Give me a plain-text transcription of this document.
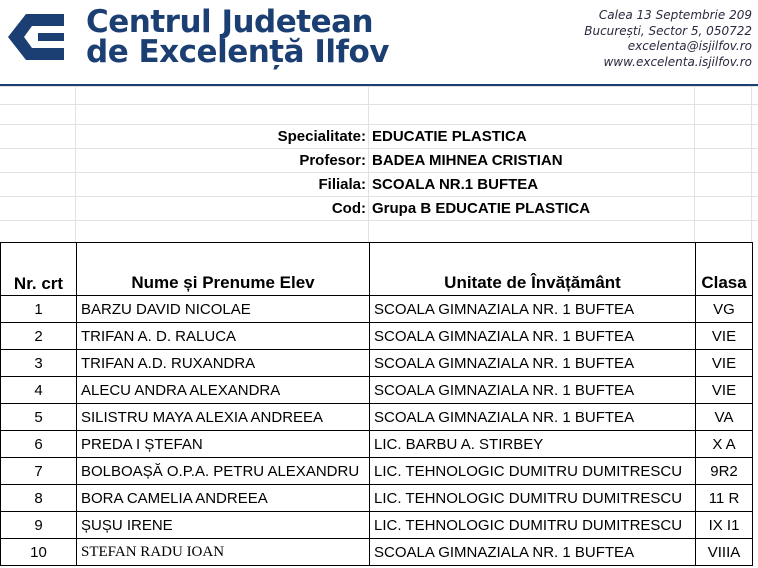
Centrul Judetean
de Excelență Ilfov
Calea 13 Septembrie 209
București, Sector 5, 050722
excelenta@isjilfov.ro
www.excelenta.isjilfov.ro
Specialitate: EDUCATIE PLASTICA
Profesor: BADEA MIHNEA CRISTIAN
Filiala: SCOALA NR.1 BUFTEA
Cod: Grupa B EDUCATIE PLASTICA
Nr. crt	Nume și Prenume Elev	Unitate de Învățământ	Clasa
1	BARZU DAVID NICOLAE	SCOALA GIMNAZIALA NR. 1 BUFTEA	VG
2	TRIFAN A. D. RALUCA	SCOALA GIMNAZIALA NR. 1 BUFTEA	VIE
3	TRIFAN A.D. RUXANDRA	SCOALA GIMNAZIALA NR. 1 BUFTEA	VIE
4	ALECU ANDRA ALEXANDRA	SCOALA GIMNAZIALA NR. 1 BUFTEA	VIE
5	SILISTRU MAYA ALEXIA ANDREEA	SCOALA GIMNAZIALA NR. 1 BUFTEA	VA
6	PREDA I ȘTEFAN	LIC. BARBU A. STIRBEY	X A
7	BOLBOAȘĂ O.P.A. PETRU ALEXANDRU	LIC. TEHNOLOGIC DUMITRU DUMITRESCU	9R2
8	BORA CAMELIA ANDREEA	LIC. TEHNOLOGIC DUMITRU DUMITRESCU	11 R
9	ȘUȘU IRENE	LIC. TEHNOLOGIC DUMITRU DUMITRESCU	IX I1
10	STEFAN RADU IOAN	SCOALA GIMNAZIALA NR. 1 BUFTEA	VIIIA
